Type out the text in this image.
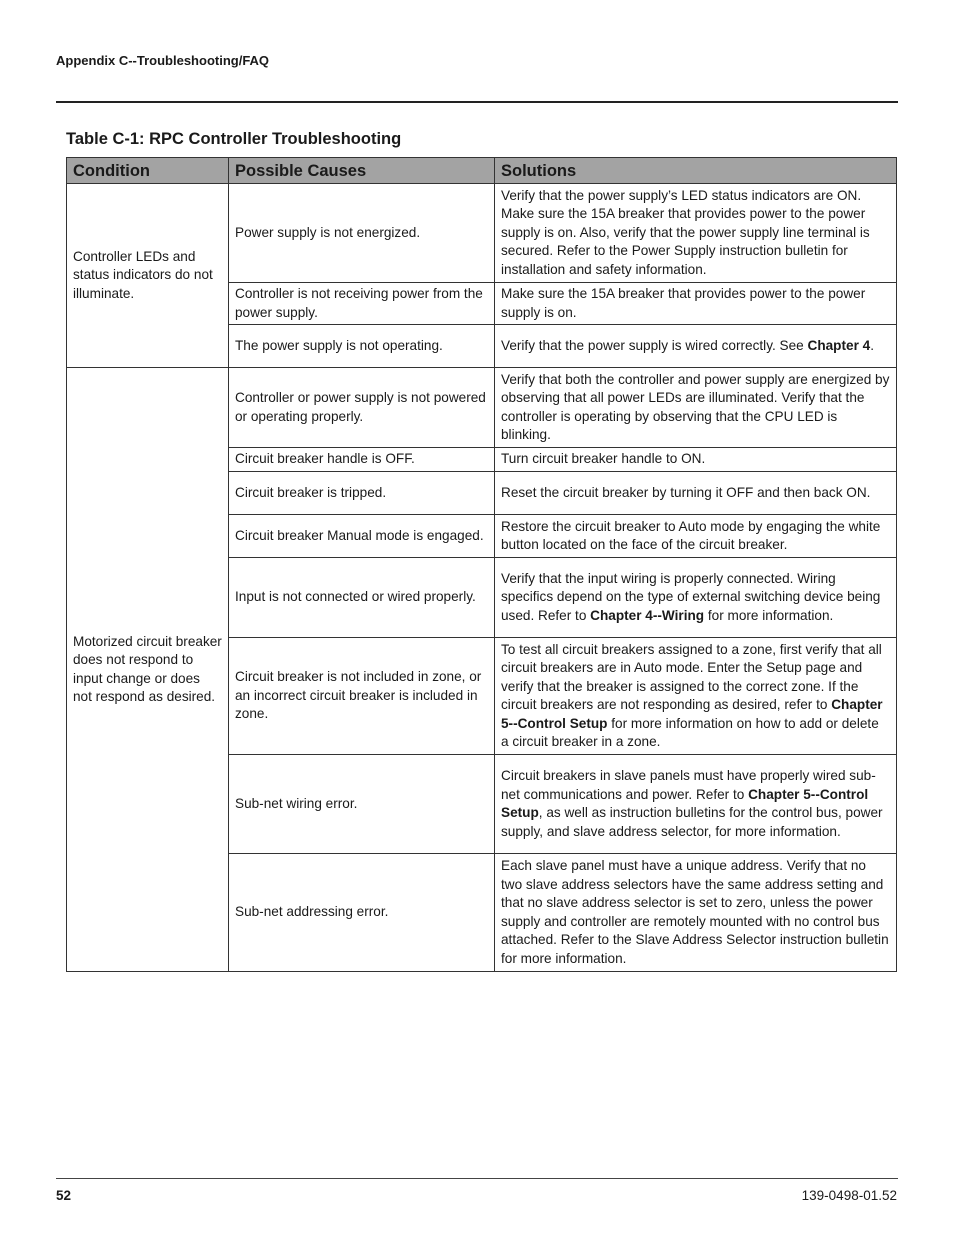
Appendix C--Troubleshooting/FAQ
Table C-1: RPC Controller Troubleshooting
Condition	Possible Causes	Solutions
Controller LEDs and status indicators do not illuminate.	Power supply is not energized.	Verify that the power supply’s LED status indicators are ON. Make sure the 15A breaker that provides power to the power supply is on. Also, verify that the power supply line terminal is secured. Refer to the Power Supply instruction bulletin for installation and safety information.
	Controller is not receiving power from the power supply.	Make sure the 15A breaker that provides power to the power supply is on.
	The power supply is not operating.	Verify that the power supply is wired correctly. See Chapter 4.
Motorized circuit breaker does not respond to input change or does not respond as desired.	Controller or power supply is not powered or operating properly.	Verify that both the controller and power supply are energized by observing that all power LEDs are illuminated. Verify that the controller is operating by observing that the CPU LED is blinking.
	Circuit breaker handle is OFF.	Turn circuit breaker handle to ON.
	Circuit breaker is tripped.	Reset the circuit breaker by turning it OFF and then back ON.
	Circuit breaker Manual mode is engaged.	Restore the circuit breaker to Auto mode by engaging the white button located on the face of the circuit breaker.
	Input is not connected or wired properly.	Verify that the input wiring is properly connected. Wiring specifics depend on the type of external switching device being used. Refer to Chapter 4--Wiring for more information.
	Circuit breaker is not included in zone, or an incorrect circuit breaker is included in zone.	To test all circuit breakers assigned to a zone, first verify that all circuit breakers are in Auto mode. Enter the Setup page and verify that the breaker is assigned to the correct zone. If the circuit breakers are not responding as desired, refer to Chapter 5--Control Setup for more information on how to add or delete a circuit breaker in a zone.
	Sub-net wiring error.	Circuit breakers in slave panels must have properly wired sub-net communications and power. Refer to Chapter 5--Control Setup, as well as instruction bulletins for the control bus, power supply, and slave address selector, for more information.
	Sub-net addressing error.	Each slave panel must have a unique address. Verify that no two slave address selectors have the same address setting and that no slave address selector is set to zero, unless the power supply and controller are remotely mounted with no control bus attached. Refer to the Slave Address Selector instruction bulletin for more information.
52	139-0498-01.52
